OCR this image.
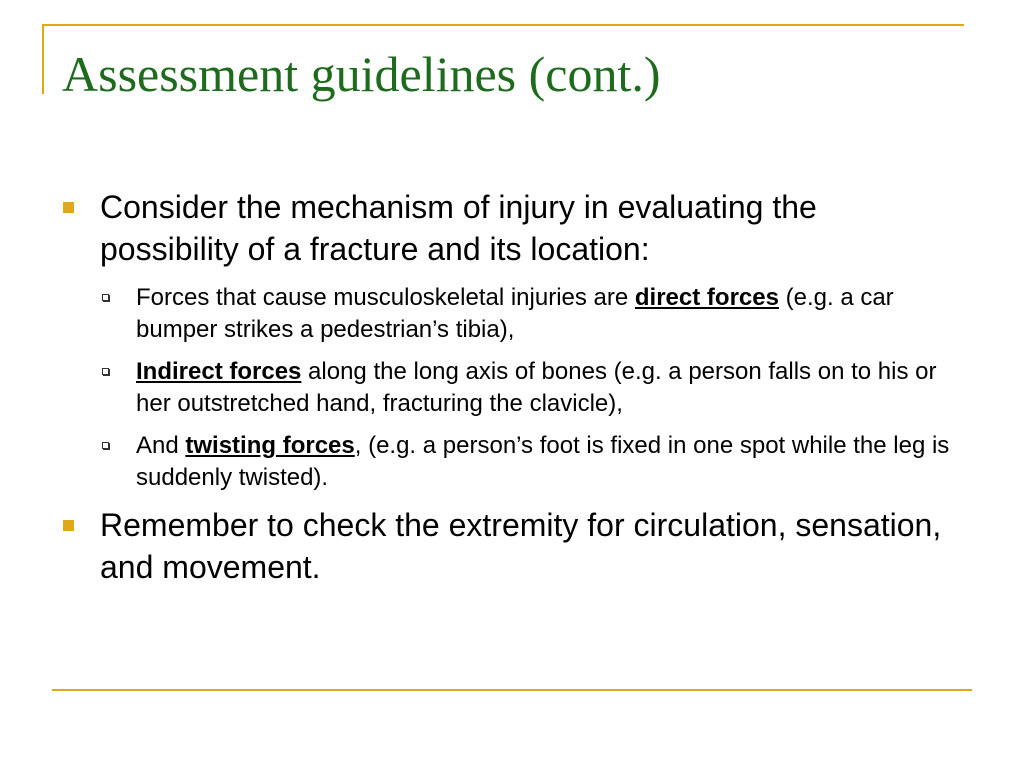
Assessment guidelines (cont.)
Consider the mechanism of injury in evaluating the possibility of a fracture and its location:
Forces that cause musculoskeletal injuries are direct forces (e.g. a car bumper strikes a pedestrian’s tibia),
Indirect forces along the long axis of bones (e.g. a person falls on to his or her outstretched hand, fracturing the clavicle),
And twisting forces, (e.g. a person’s foot is fixed in one spot while the leg is suddenly twisted).
Remember to check the extremity for circulation, sensation, and movement.
